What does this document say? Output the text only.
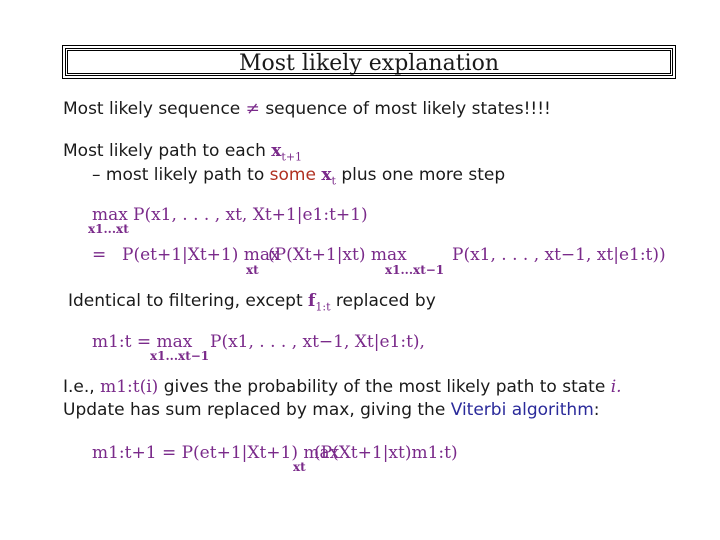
Most likely explanation
Most likely sequence ≠ sequence of most likely states!!!!
Most likely path to each $x_{t+1}$
– most likely path to some $x_t$ plus one more step
max
x1...xt
P(x1, . . . , xt, Xt+1|e1:t+1)
= P(et+1|Xt+1) max
xt
(P(Xt+1|xt) max
x1...xt−1
P(x1, . . . , xt−1, xt|e1:t))
Identical to filtering, except $f_{1:t}$ replaced by
m1:t = max
x1...xt−1
P(x1, . . . , xt−1, Xt|e1:t),
I.e., m1:t(i) gives the probability of the most likely path to state i.
Update has sum replaced by max, giving the Viterbi algorithm:
m1:t+1 = P(et+1|Xt+1) max
xt
(P(Xt+1|xt)m1:t)
